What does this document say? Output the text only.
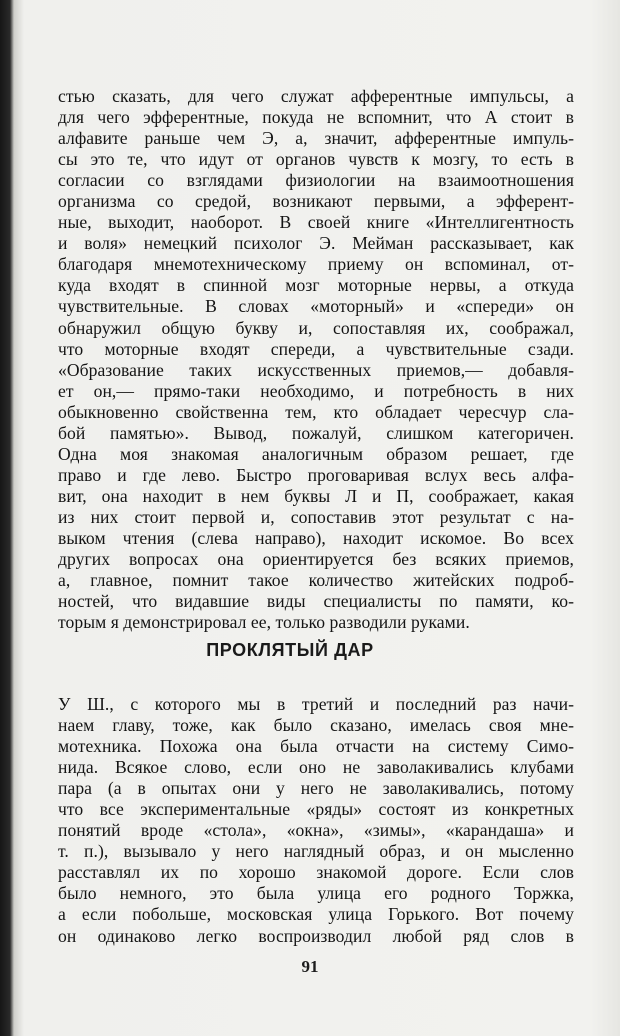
стью сказать, для чего служат афферентные импульсы, а
для чего эфферентные, покуда не вспомнит, что А стоит в
алфавите раньше чем Э, а, значит, афферентные импуль-
сы это те, что идут от органов чувств к мозгу, то есть в
согласии со взглядами физиологии на взаимоотношения
организма со средой, возникают первыми, а эфферент-
ные, выходит, наоборот. В своей книге «Интеллигентность
и воля» немецкий психолог Э. Мейман рассказывает, как
благодаря мнемотехническому приему он вспоминал, от-
куда входят в спинной мозг моторные нервы, а откуда
чувствительные. В словах «моторный» и «спереди» он
обнаружил общую букву и, сопоставляя их, соображал,
что моторные входят спереди, а чувствительные сзади.
«Образование таких искусственных приемов,— добавля-
ет он,— прямо-таки необходимо, и потребность в них
обыкновенно свойственна тем, кто обладает чересчур сла-
бой памятью». Вывод, пожалуй, слишком категоричен.
Одна моя знакомая аналогичным образом решает, где
право и где лево. Быстро проговаривая вслух весь алфа-
вит, она находит в нем буквы Л и П, соображает, какая
из них стоит первой и, сопоставив этот результат с на-
выком чтения (слева направо), находит искомое. Во всех
других вопросах она ориентируется без всяких приемов,
а, главное, помнит такое количество житейских подроб-
ностей, что видавшие виды специалисты по памяти, ко-
торым я демонстрировал ее, только разводили руками.
ПРОКЛЯТЫЙ ДАР
У Ш., с которого мы в третий и последний раз начи-
наем главу, тоже, как было сказано, имелась своя мне-
мотехника. Похожа она была отчасти на систему Симо-
нида. Всякое слово, если оно не заволакивались клубами
пара (а в опытах они у него не заволакивались, потому
что все экспериментальные «ряды» состоят из конкретных
понятий вроде «стола», «окна», «зимы», «карандаша» и
т. п.), вызывало у него наглядный образ, и он мысленно
расставлял их по хорошо знакомой дороге. Если слов
было немного, это была улица его родного Торжка,
а если побольше, московская улица Горького. Вот почему
он одинаково легко воспроизводил любой ряд слов в
91
